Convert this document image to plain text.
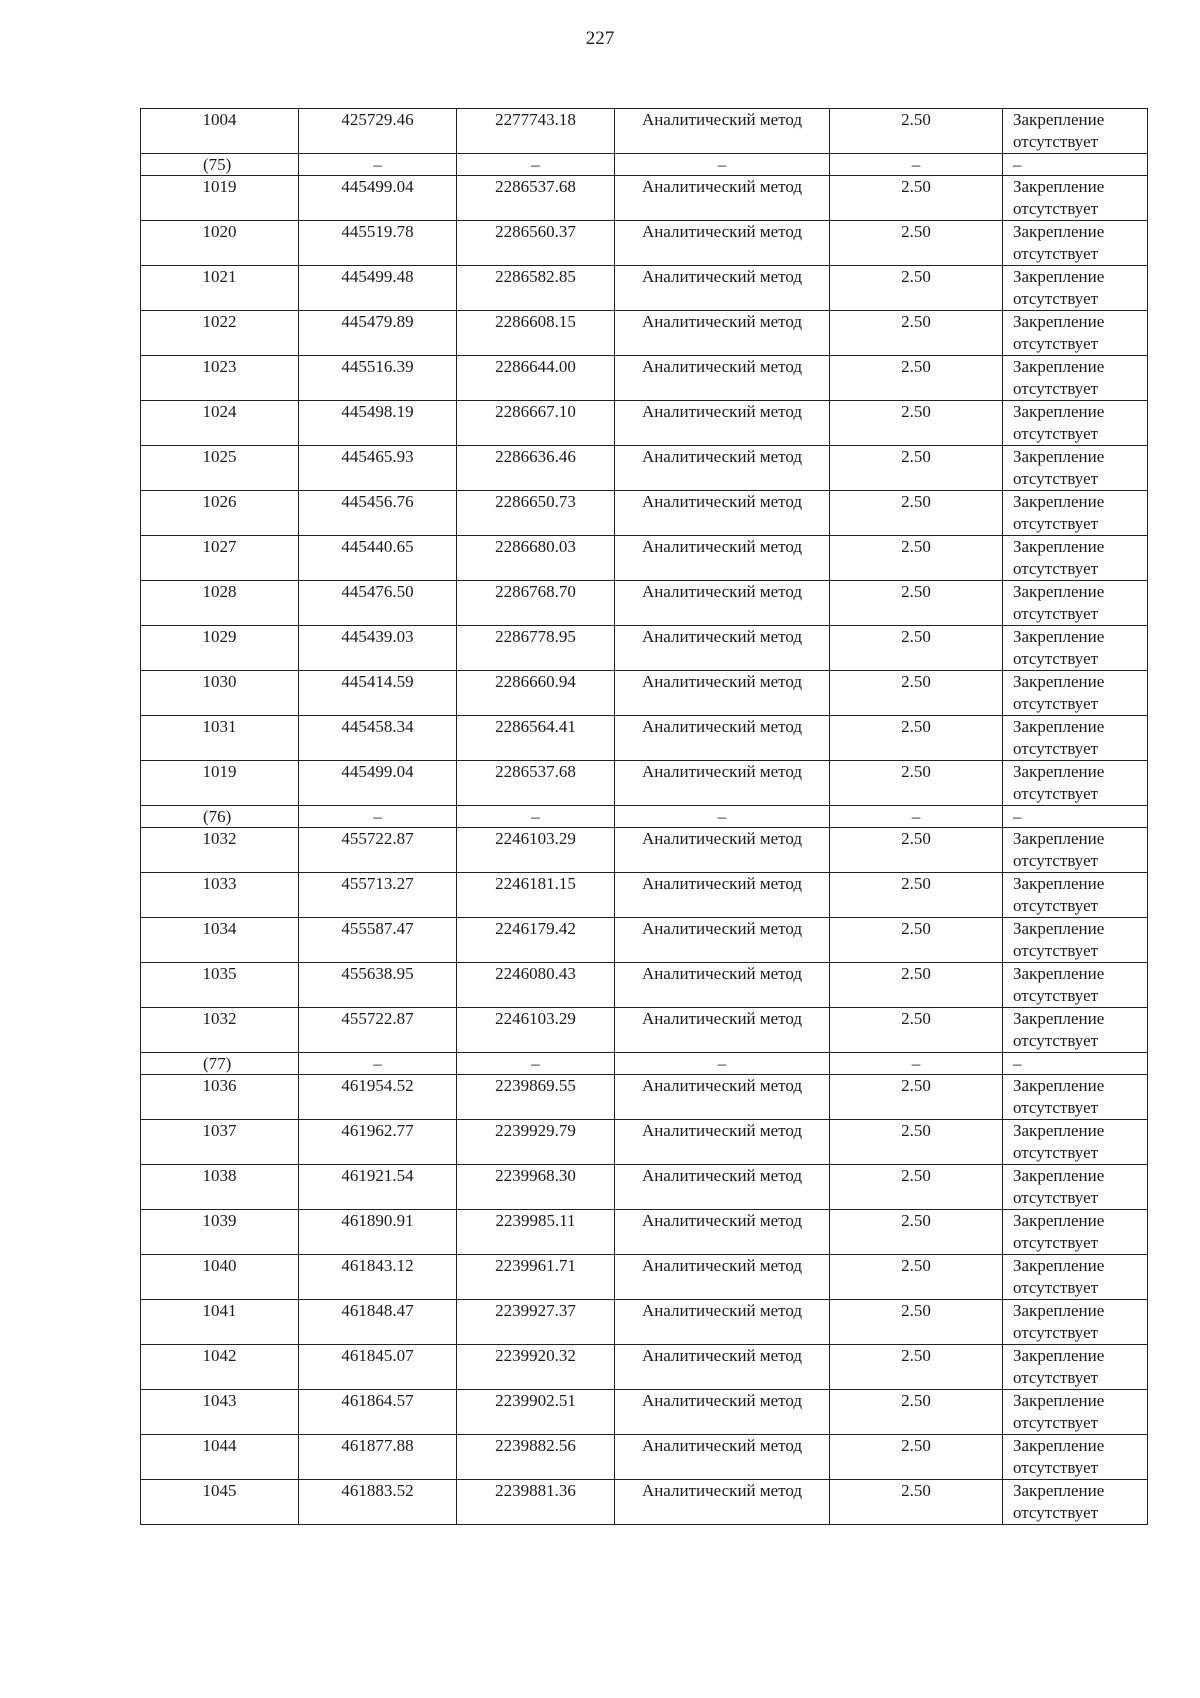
227
1004	425729.46	2277743.18	Аналитический метод	2.50	Закрепление отсутствует
(75)	–	–	–	–	–
1019	445499.04	2286537.68	Аналитический метод	2.50	Закрепление отсутствует
1020	445519.78	2286560.37	Аналитический метод	2.50	Закрепление отсутствует
1021	445499.48	2286582.85	Аналитический метод	2.50	Закрепление отсутствует
1022	445479.89	2286608.15	Аналитический метод	2.50	Закрепление отсутствует
1023	445516.39	2286644.00	Аналитический метод	2.50	Закрепление отсутствует
1024	445498.19	2286667.10	Аналитический метод	2.50	Закрепление отсутствует
1025	445465.93	2286636.46	Аналитический метод	2.50	Закрепление отсутствует
1026	445456.76	2286650.73	Аналитический метод	2.50	Закрепление отсутствует
1027	445440.65	2286680.03	Аналитический метод	2.50	Закрепление отсутствует
1028	445476.50	2286768.70	Аналитический метод	2.50	Закрепление отсутствует
1029	445439.03	2286778.95	Аналитический метод	2.50	Закрепление отсутствует
1030	445414.59	2286660.94	Аналитический метод	2.50	Закрепление отсутствует
1031	445458.34	2286564.41	Аналитический метод	2.50	Закрепление отсутствует
1019	445499.04	2286537.68	Аналитический метод	2.50	Закрепление отсутствует
(76)	–	–	–	–	–
1032	455722.87	2246103.29	Аналитический метод	2.50	Закрепление отсутствует
1033	455713.27	2246181.15	Аналитический метод	2.50	Закрепление отсутствует
1034	455587.47	2246179.42	Аналитический метод	2.50	Закрепление отсутствует
1035	455638.95	2246080.43	Аналитический метод	2.50	Закрепление отсутствует
1032	455722.87	2246103.29	Аналитический метод	2.50	Закрепление отсутствует
(77)	–	–	–	–	–
1036	461954.52	2239869.55	Аналитический метод	2.50	Закрепление отсутствует
1037	461962.77	2239929.79	Аналитический метод	2.50	Закрепление отсутствует
1038	461921.54	2239968.30	Аналитический метод	2.50	Закрепление отсутствует
1039	461890.91	2239985.11	Аналитический метод	2.50	Закрепление отсутствует
1040	461843.12	2239961.71	Аналитический метод	2.50	Закрепление отсутствует
1041	461848.47	2239927.37	Аналитический метод	2.50	Закрепление отсутствует
1042	461845.07	2239920.32	Аналитический метод	2.50	Закрепление отсутствует
1043	461864.57	2239902.51	Аналитический метод	2.50	Закрепление отсутствует
1044	461877.88	2239882.56	Аналитический метод	2.50	Закрепление отсутствует
1045	461883.52	2239881.36	Аналитический метод	2.50	Закрепление отсутствует
